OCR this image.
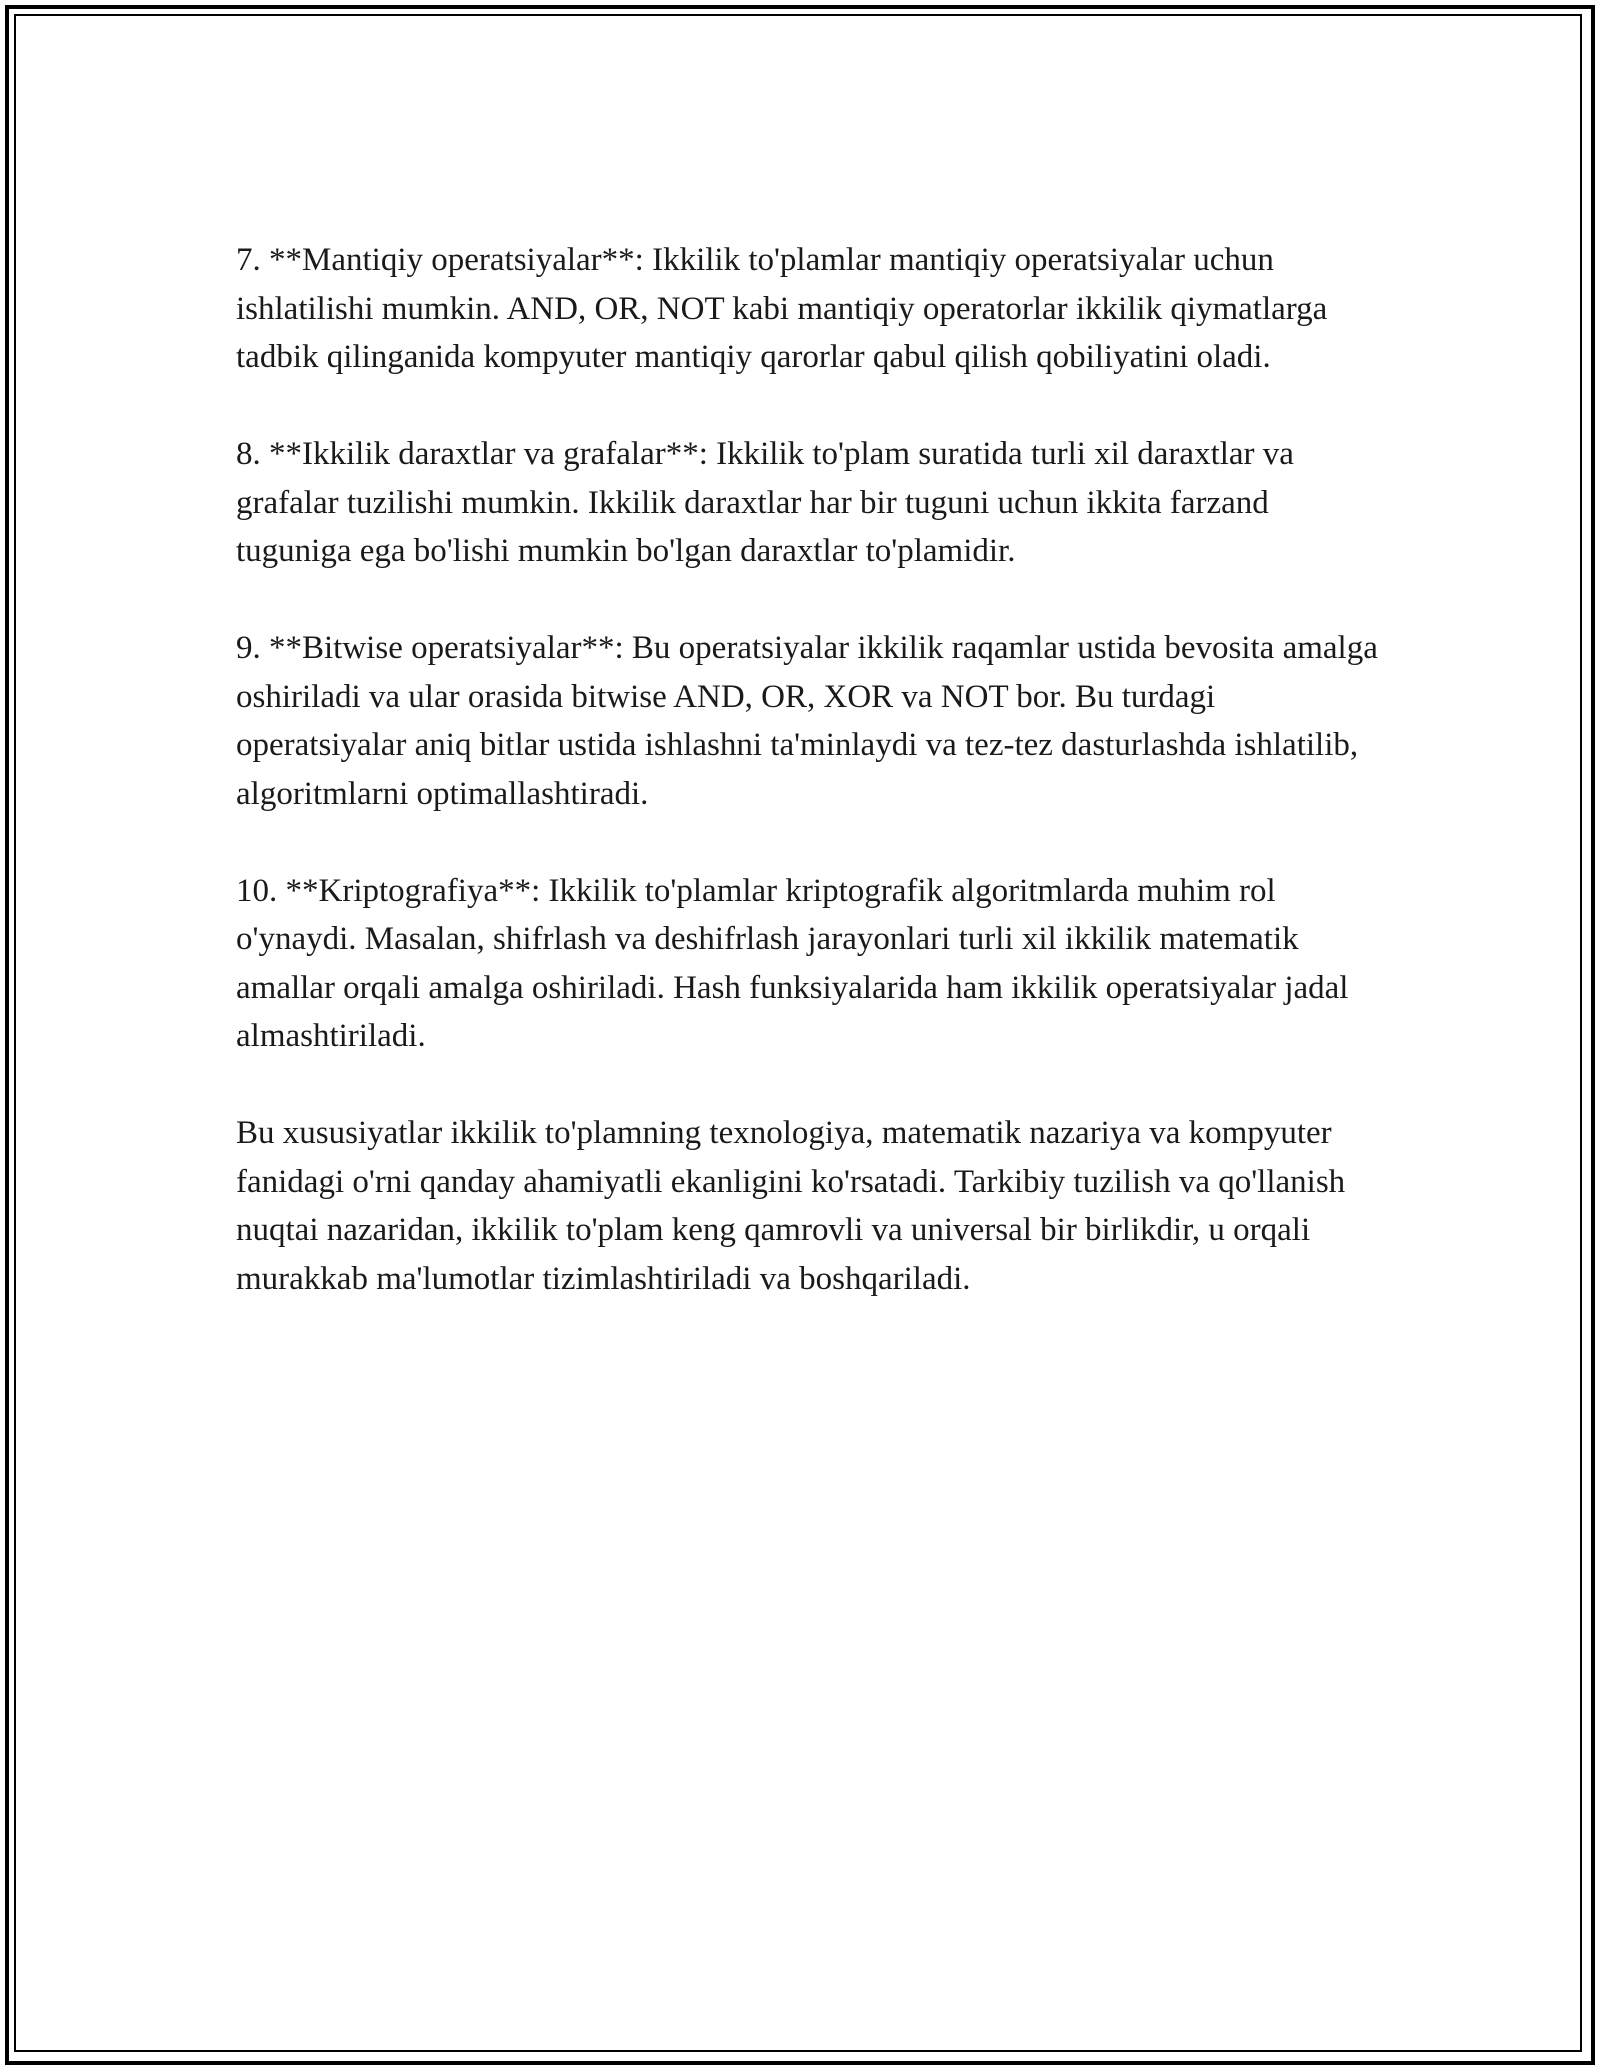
7. **Mantiqiy operatsiyalar**: Ikkilik to'plamlar mantiqiy operatsiyalar uchun ishlatilishi mumkin. AND, OR, NOT kabi mantiqiy operatorlar ikkilik qiymatlarga tadbik qilinganida kompyuter mantiqiy qarorlar qabul qilish qobiliyatini oladi.

8. **Ikkilik daraxtlar va grafalar**: Ikkilik to'plam suratida turli xil daraxtlar va grafalar tuzilishi mumkin. Ikkilik daraxtlar har bir tuguni uchun ikkita farzand tuguniga ega bo'lishi mumkin bo'lgan daraxtlar to'plamidir.

9. **Bitwise operatsiyalar**: Bu operatsiyalar ikkilik raqamlar ustida bevosita amalga oshiriladi va ular orasida bitwise AND, OR, XOR va NOT bor. Bu turdagi operatsiyalar aniq bitlar ustida ishlashni ta'minlaydi va tez-tez dasturlashda ishlatilib, algoritmlarni optimallashtiradi.

10. **Kriptografiya**: Ikkilik to'plamlar kriptografik algoritmlarda muhim rol o'ynaydi. Masalan, shifrlash va deshifrlash jarayonlari turli xil ikkilik matematik amallar orqali amalga oshiriladi. Hash funksiyalarida ham ikkilik operatsiyalar jadal almashtiriladi.

Bu xususiyatlar ikkilik to'plamning texnologiya, matematik nazariya va kompyuter fanidagi o'rni qanday ahamiyatli ekanligini ko'rsatadi. Tarkibiy tuzilish va qo'llanish nuqtai nazaridan, ikkilik to'plam keng qamrovli va universal bir birlikdir, u orqali murakkab ma'lumotlar tizimlashtiriladi va boshqariladi.
